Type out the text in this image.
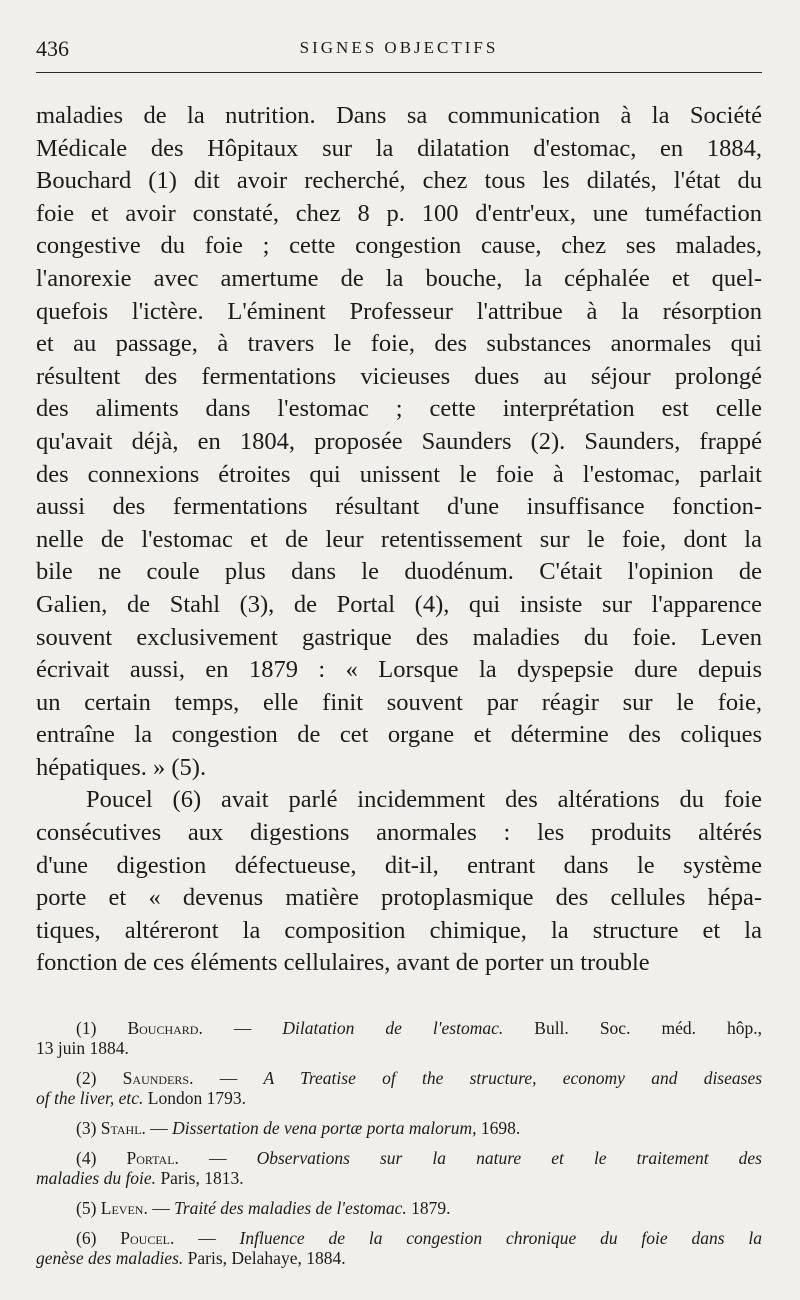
436	SIGNES OBJECTIFS
maladies de la nutrition. Dans sa communication à la Société
Médicale des Hôpitaux sur la dilatation d'estomac, en 1884,
Bouchard (1) dit avoir recherché, chez tous les dilatés, l'état du
foie et avoir constaté, chez 8 p. 100 d'entr'eux, une tuméfaction
congestive du foie ; cette congestion cause, chez ses malades,
l'anorexie avec amertume de la bouche, la céphalée et quel-
quefois l'ictère. L'éminent Professeur l'attribue à la résorption
et au passage, à travers le foie, des substances anormales qui
résultent des fermentations vicieuses dues au séjour prolongé
des aliments dans l'estomac ; cette interprétation est celle
qu'avait déjà, en 1804, proposée Saunders (2). Saunders, frappé
des connexions étroites qui unissent le foie à l'estomac, parlait
aussi des fermentations résultant d'une insuffisance fonction-
nelle de l'estomac et de leur retentissement sur le foie, dont la
bile ne coule plus dans le duodénum. C'était l'opinion de
Galien, de Stahl (3), de Portal (4), qui insiste sur l'apparence
souvent exclusivement gastrique des maladies du foie. Leven
écrivait aussi, en 1879 : « Lorsque la dyspepsie dure depuis
un certain temps, elle finit souvent par réagir sur le foie,
entraîne la congestion de cet organe et détermine des coliques
hépatiques. » (5).
Poucel (6) avait parlé incidemment des altérations du foie
consécutives aux digestions anormales : les produits altérés
d'une digestion défectueuse, dit-il, entrant dans le système
porte et « devenus matière protoplasmique des cellules hépa-
tiques, altéreront la composition chimique, la structure et la
fonction de ces éléments cellulaires, avant de porter un trouble
(1) Bouchard. — Dilatation de l'estomac. Bull. Soc. méd. hôp.,
13 juin 1884.
(2) Saunders. — A Treatise of the structure, economy and diseases
of the liver, etc. London 1793.
(3) Stahl. — Dissertation de vena portæ porta malorum, 1698.
(4) Portal. — Observations sur la nature et le traitement des
maladies du foie. Paris, 1813.
(5) Leven. — Traité des maladies de l'estomac. 1879.
(6) Poucel. — Influence de la congestion chronique du foie dans la
genèse des maladies. Paris, Delahaye, 1884.
